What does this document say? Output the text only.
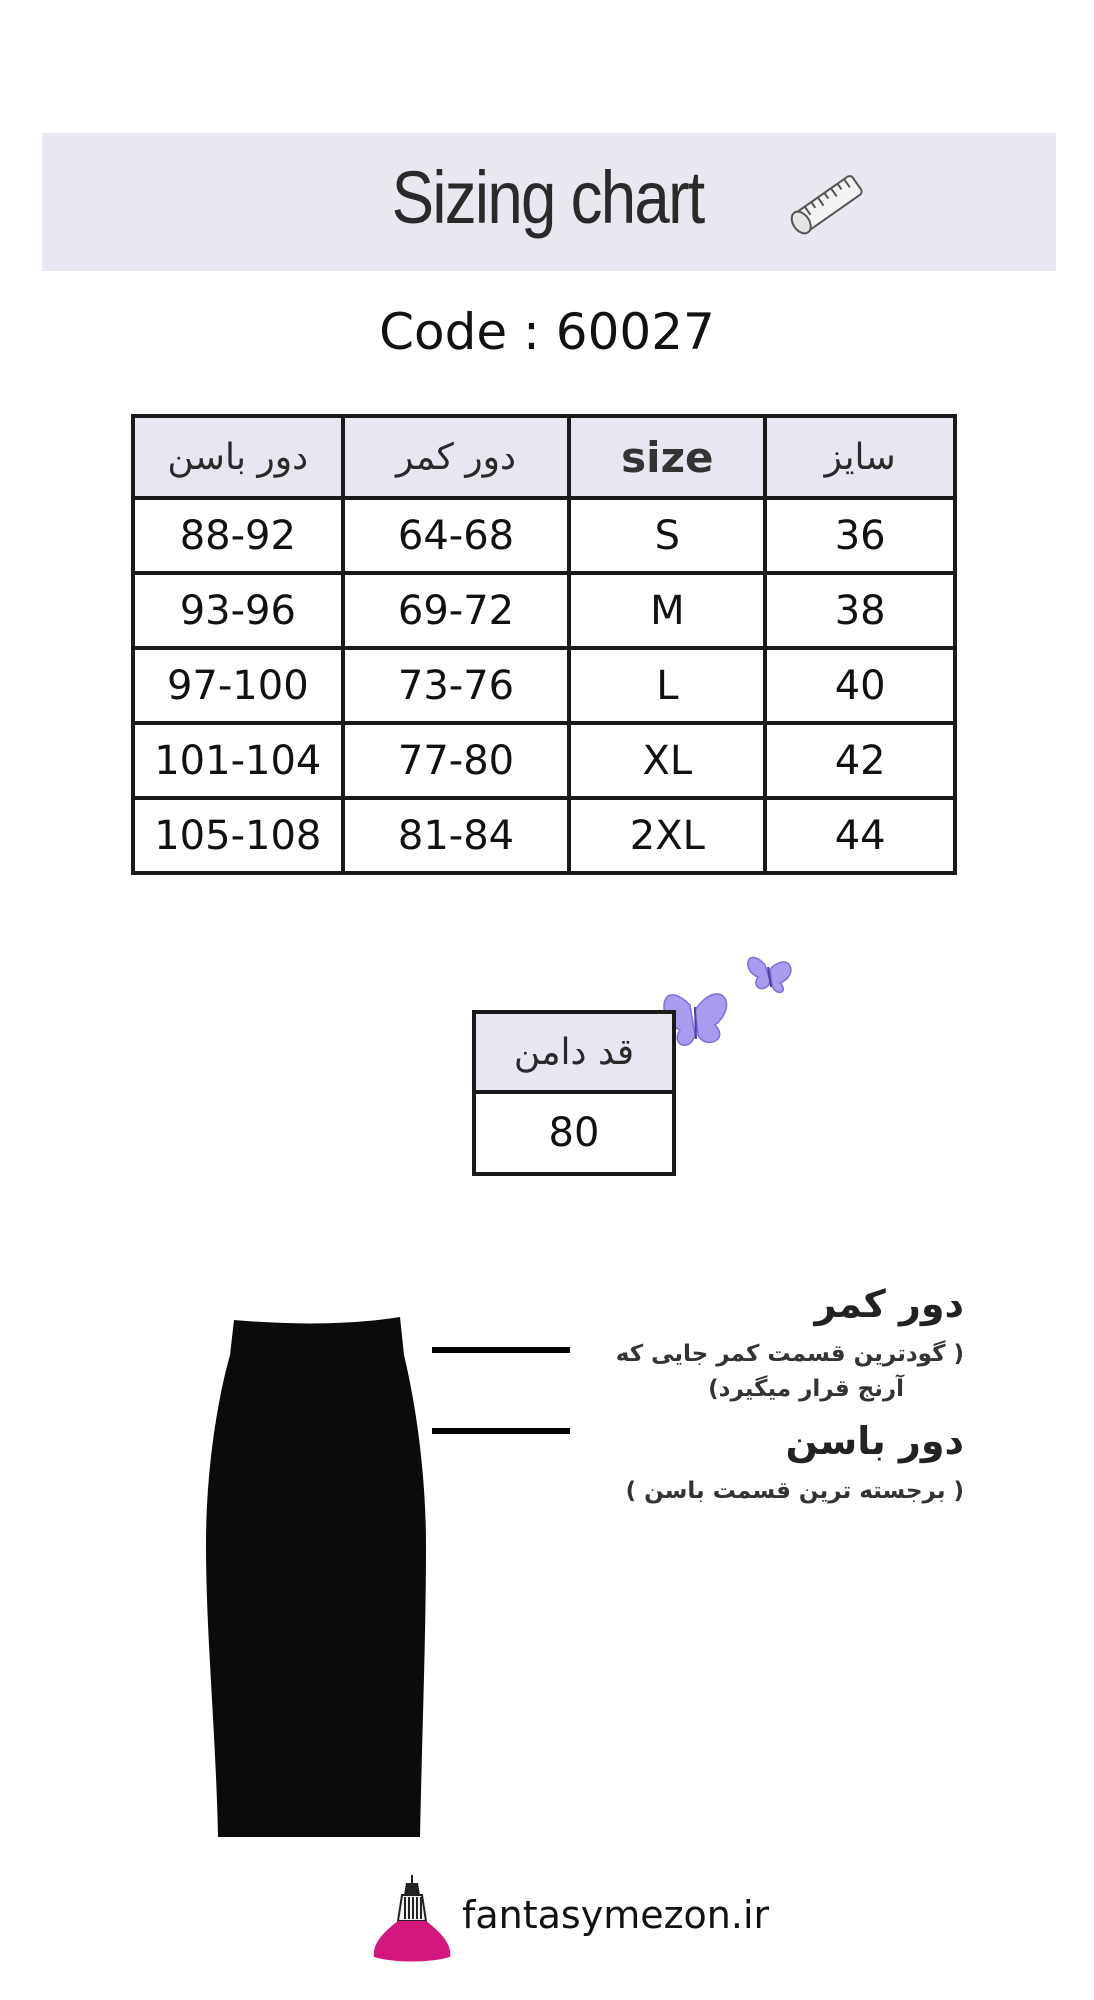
Sizing chart
Code : 60027
دور باسن	دور کمر	size	سایز
88-92	64-68	S	36
93-96	69-72	M	38
97-100	73-76	L	40
101-104	77-80	XL	42
105-108	81-84	2XL	44
قد دامن
80
دور کمر
( گودترین قسمت کمر جایی که
آرنج قرار میگیرد)
دور باسن
( برجسته ترین قسمت باسن )
fantasymezon.ir
